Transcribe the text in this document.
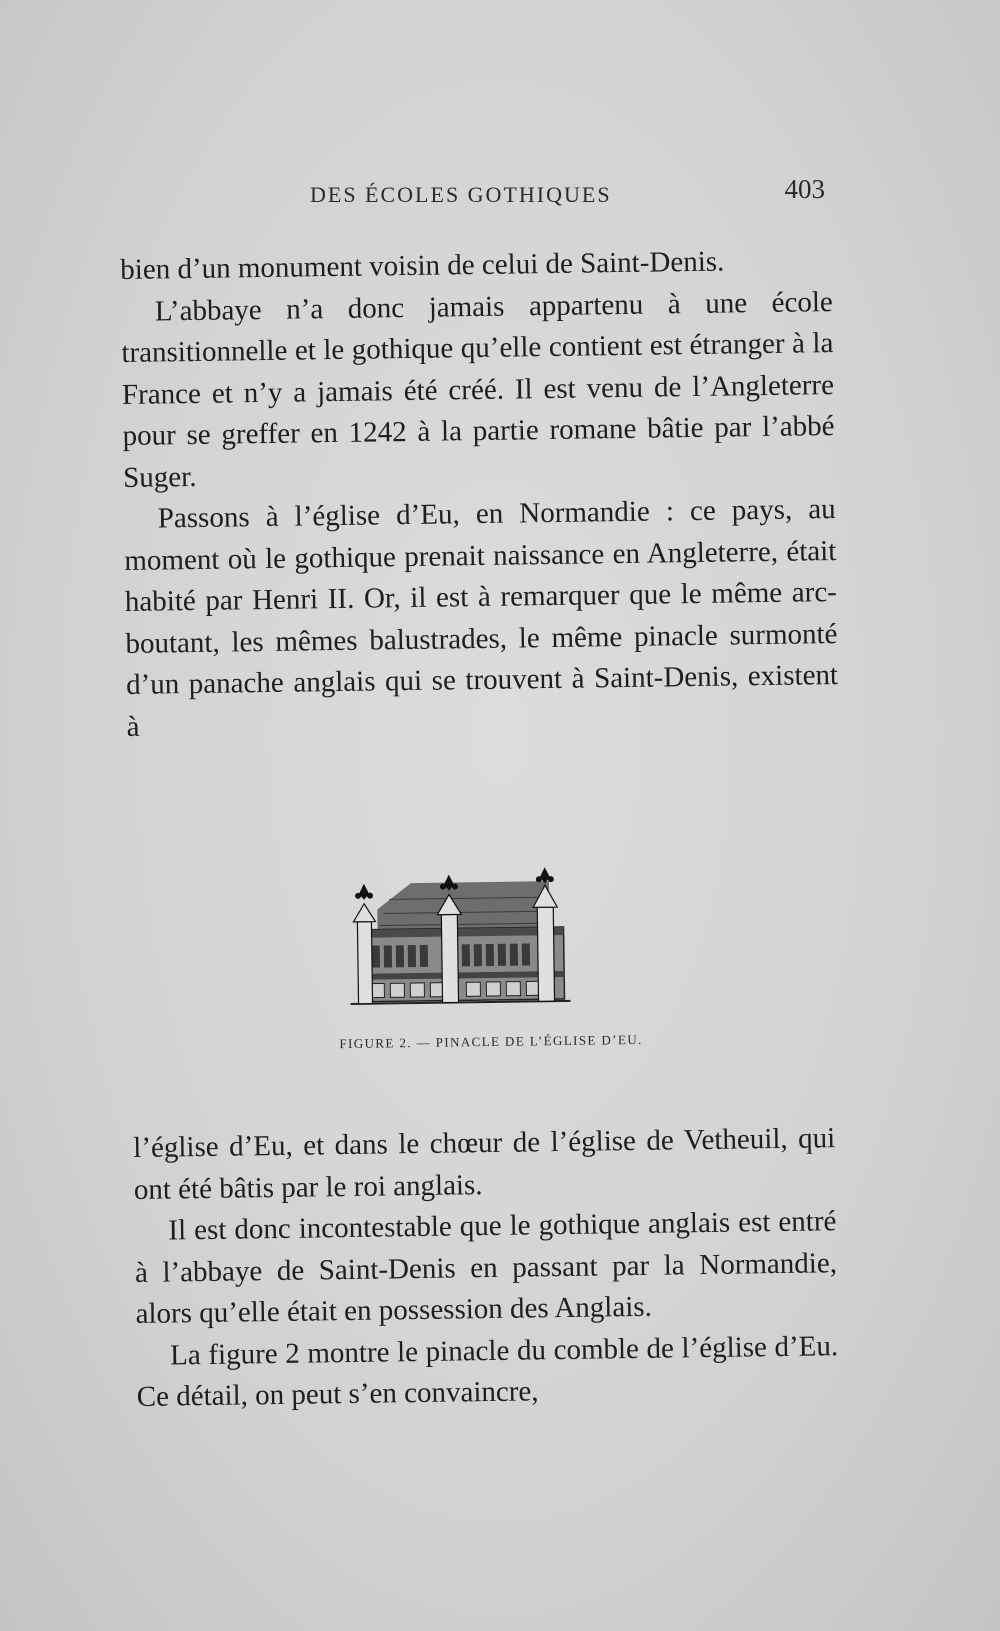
DES ÉCOLES GOTHIQUES	403

bien d’un monument voisin de celui de Saint-Denis.

L’abbaye n’a donc jamais appartenu à une école transitionnelle et le gothique qu’elle contient est étranger à la France et n’y a jamais été créé. Il est venu de l’Angleterre pour se greffer en 1242 à la partie romane bâtie par l’abbé Suger.

Passons à l’église d’Eu, en Normandie : ce pays, au moment où le gothique prenait naissance en Angleterre, était habité par Henri II. Or, il est à remarquer que le même arc-boutant, les mêmes balustrades, le même pinacle surmonté d’un panache anglais qui se trouvent à Saint-Denis, existent à

FIGURE 2. — PINACLE DE L’ÉGLISE D’EU.

l’église d’Eu, et dans le chœur de l’église de Vetheuil, qui ont été bâtis par le roi anglais.

Il est donc incontestable que le gothique anglais est entré à l’abbaye de Saint-Denis en passant par la Normandie, alors qu’elle était en possession des Anglais.

La figure 2 montre le pinacle du comble de l’église d’Eu. Ce détail, on peut s’en convaincre,
